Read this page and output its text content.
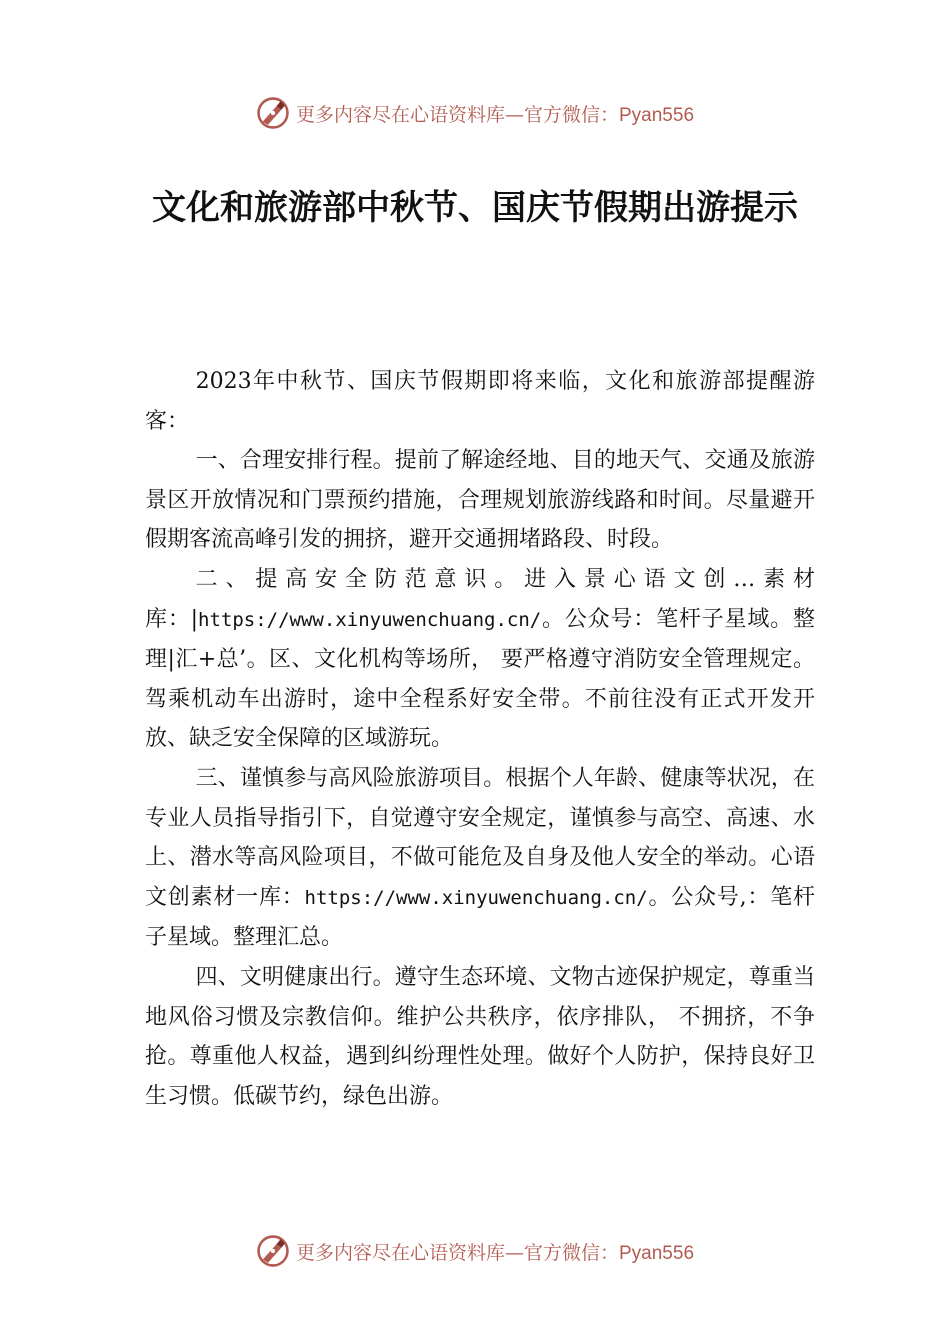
更多内容尽在心语资料库—官方微信：Pyan556
文化和旅游部中秋节、国庆节假期出游提示

2023年中秋节、国庆节假期即将来临，文化和旅游部提醒游客：

一、合理安排行程。提前了解途经地、目的地天气、交通及旅游景区开放情况和门票预约措施，合理规划旅游线路和时间。尽量避开假期客流高峰引发的拥挤，避开交通拥堵路段、时段。

二、提高安全防范意识。进入景心语文创…素材库：|https://www.xinyuwenchuang.cn/。公众号：笔杆子星域。整理|汇+总’。区、文化机构等场所， 要严格遵守消防安全管理规定。驾乘机动车出游时，途中全程系好安全带。不前往没有正式开发开放、缺乏安全保障的区域游玩。

三、谨慎参与高风险旅游项目。根据个人年龄、健康等状况，在专业人员指导指引下，自觉遵守安全规定，谨慎参与高空、高速、水上、潜水等高风险项目，不做可能危及自身及他人安全的举动。心语文创素材一库：https://www.xinyuwenchuang.cn/。公众号,：笔杆子星域。整理汇总。

四、文明健康出行。遵守生态环境、文物古迹保护规定，尊重当地风俗习惯及宗教信仰。维护公共秩序，依序排队， 不拥挤，不争抢。尊重他人权益，遇到纠纷理性处理。做好个人防护，保持良好卫生习惯。低碳节约，绿色出游。

更多内容尽在心语资料库—官方微信：Pyan556
